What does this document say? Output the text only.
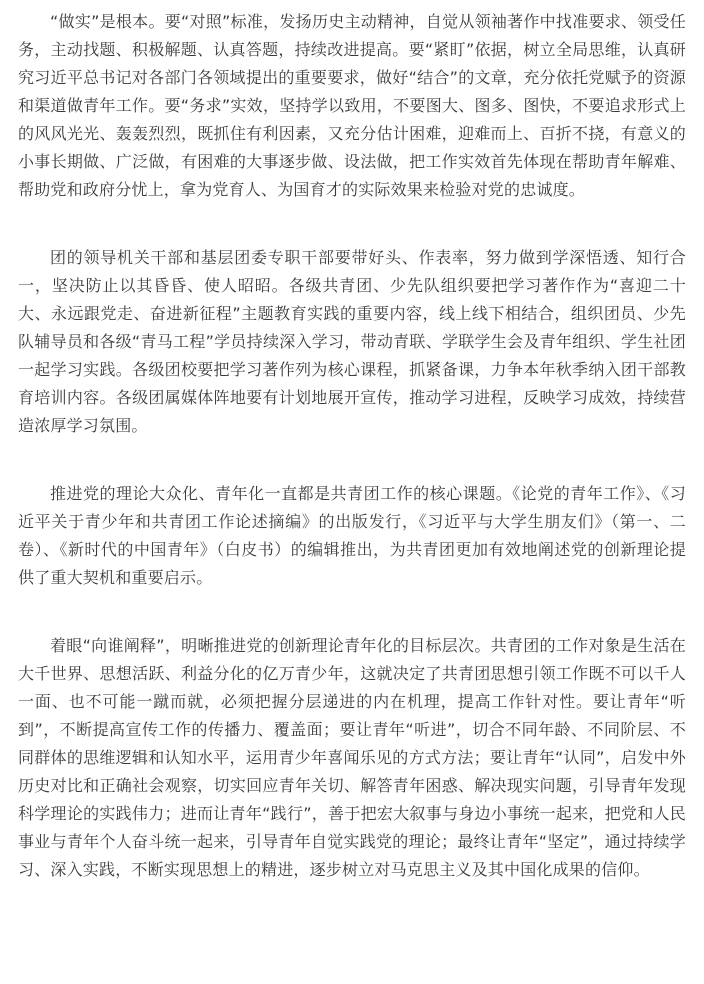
“做实”是根本。要“对照”标准，发扬历史主动精神，自觉从领袖著作中找准要求、领受任务，主动找题、积极解题、认真答题，持续改进提高。要“紧盯”依据，树立全局思维，认真研究习近平总书记对各部门各领域提出的重要要求，做好“结合”的文章，充分依托党赋予的资源和渠道做青年工作。要“务求”实效，坚持学以致用，不要图大、图多、图快，不要追求形式上的风风光光、轰轰烈烈，既抓住有利因素，又充分估计困难，迎难而上、百折不挠，有意义的小事长期做、广泛做，有困难的大事逐步做、设法做，把工作实效首先体现在帮助青年解难、帮助党和政府分忧上，拿为党育人、为国育才的实际效果来检验对党的忠诚度。

团的领导机关干部和基层团委专职干部要带好头、作表率，努力做到学深悟透、知行合一，坚决防止以其昏昏、使人昭昭。各级共青团、少先队组织要把学习著作作为“喜迎二十大、永远跟党走、奋进新征程”主题教育实践的重要内容，线上线下相结合，组织团员、少先队辅导员和各级“青马工程”学员持续深入学习，带动青联、学联学生会及青年组织、学生社团一起学习实践。各级团校要把学习著作列为核心课程，抓紧备课，力争本年秋季纳入团干部教育培训内容。各级团属媒体阵地要有计划地展开宣传，推动学习进程，反映学习成效，持续营造浓厚学习氛围。

推进党的理论大众化、青年化一直都是共青团工作的核心课题。《论党的青年工作》、《习近平关于青少年和共青团工作论述摘编》的出版发行，《习近平与大学生朋友们》（第一、二卷）、《新时代的中国青年》（白皮书）的编辑推出，为共青团更加有效地阐述党的创新理论提供了重大契机和重要启示。

着眼“向谁阐释”，明晰推进党的创新理论青年化的目标层次。共青团的工作对象是生活在大千世界、思想活跃、利益分化的亿万青少年，这就决定了共青团思想引领工作既不可以千人一面、也不可能一蹴而就，必须把握分层递进的内在机理，提高工作针对性。要让青年“听到”，不断提高宣传工作的传播力、覆盖面；要让青年“听进”，切合不同年龄、不同阶层、不同群体的思维逻辑和认知水平，运用青少年喜闻乐见的方式方法；要让青年“认同”，启发中外历史对比和正确社会观察，切实回应青年关切、解答青年困惑、解决现实问题，引导青年发现科学理论的实践伟力；进而让青年“践行”，善于把宏大叙事与身边小事统一起来，把党和人民事业与青年个人奋斗统一起来，引导青年自觉实践党的理论；最终让青年“坚定”，通过持续学习、深入实践，不断实现思想上的精进，逐步树立对马克思主义及其中国化成果的信仰。
